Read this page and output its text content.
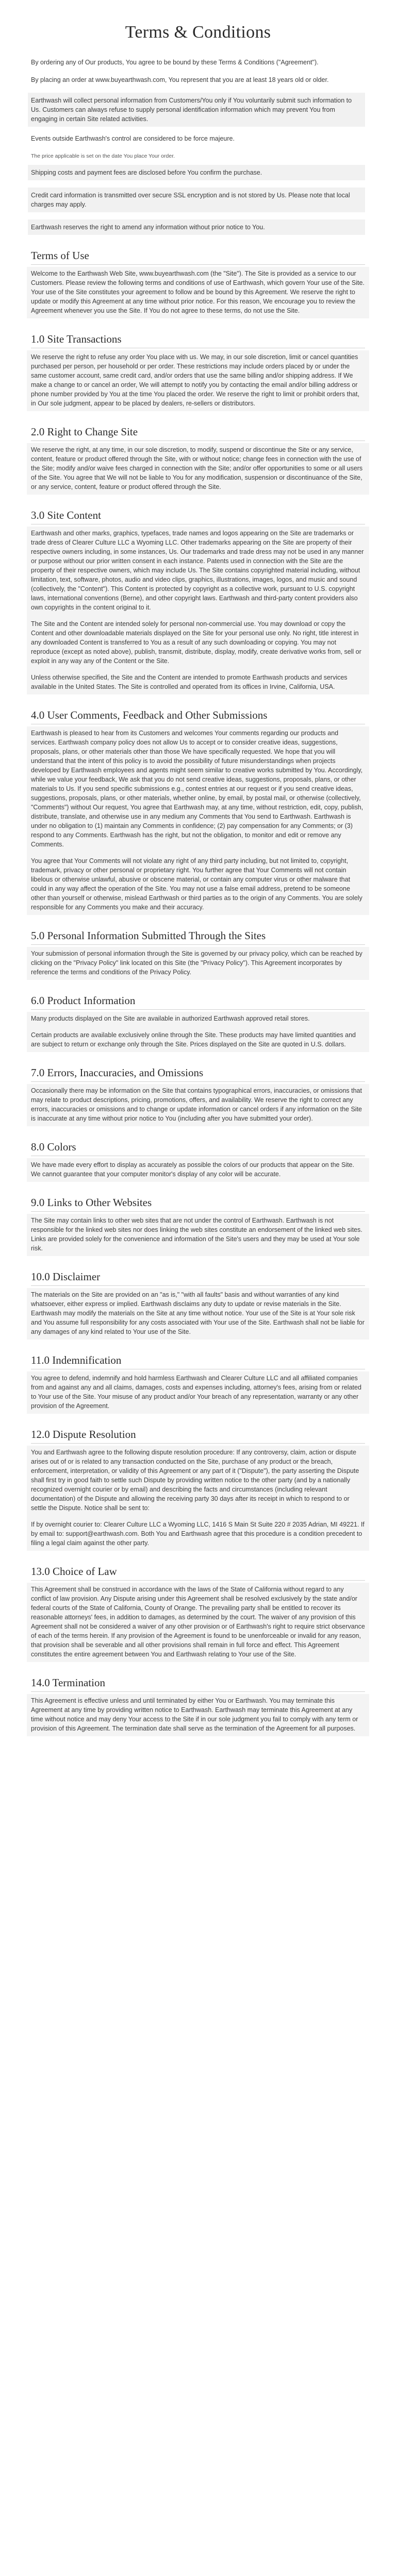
Terms & Conditions

By ordering any of Our products, You agree to be bound by these Terms & Conditions ("Agreement").

By placing an order at www.buyearthwash.com, You represent that you are at least 18 years old or older.

Earthwash will collect personal information from Customers/You only if You voluntarily submit such information to Us. Customers can always refuse to supply personal identification information which may prevent You from engaging in certain Site related activities.

Events outside Earthwash's control are considered to be force majeure.

The price applicable is set on the date You place Your order.

Shipping costs and payment fees are disclosed before You confirm the purchase.

Credit card information is transmitted over secure SSL encryption and is not stored by Us. Please note that local charges may apply.

Earthwash reserves the right to amend any information without prior notice to You.

Terms of Use

Welcome to the Earthwash Web Site, www.buyearthwash.com (the "Site"). The Site is provided as a service to our Customers. Please review the following terms and conditions of use of Earthwash, which govern Your use of the Site. Your use of the Site constitutes your agreement to follow and be bound by this Agreement. We reserve the right to update or modify this Agreement at any time without prior notice. For this reason, We encourage you to review the Agreement whenever you use the Site. If You do not agree to these terms, do not use the Site.

1.0 Site Transactions

We reserve the right to refuse any order You place with us. We may, in our sole discretion, limit or cancel quantities purchased per person, per household or per order. These restrictions may include orders placed by or under the same customer account, same credit card, and/or orders that use the same billing and/or shipping address. If We make a change to or cancel an order, We will attempt to notify you by contacting the email and/or billing address or phone number provided by You at the time You placed the order. We reserve the right to limit or prohibit orders that, in Our sole judgment, appear to be placed by dealers, re-sellers or distributors.

2.0 Right to Change Site

We reserve the right, at any time, in our sole discretion, to modify, suspend or discontinue the Site or any service, content, feature or product offered through the Site, with or without notice; change fees in connection with the use of the Site; modify and/or waive fees charged in connection with the Site; and/or offer opportunities to some or all users of the Site. You agree that We will not be liable to You for any modification, suspension or discontinuance of the Site, or any service, content, feature or product offered through the Site.

3.0 Site Content

Earthwash and other marks, graphics, typefaces, trade names and logos appearing on the Site are trademarks or trade dress of Clearer Culture LLC a Wyoming LLC. Other trademarks appearing on the Site are property of their respective owners including, in some instances, Us. Our trademarks and trade dress may not be used in any manner or purpose without our prior written consent in each instance. Patents used in connection with the Site are the property of their respective owners, which may include Us. The Site contains copyrighted material including, without limitation, text, software, photos, audio and video clips, graphics, illustrations, images, logos, and music and sound (collectively, the "Content"). This Content is protected by copyright as a collective work, pursuant to U.S. copyright laws, international conventions (Berne), and other copyright laws. Earthwash and third-party content providers also own copyrights in the content original to it.

The Site and the Content are intended solely for personal non-commercial use. You may download or copy the Content and other downloadable materials displayed on the Site for your personal use only. No right, title interest in any downloaded Content is transferred to You as a result of any such downloading or copying. You may not reproduce (except as noted above), publish, transmit, distribute, display, modify, create derivative works from, sell or exploit in any way any of the Content or the Site.

Unless otherwise specified, the Site and the Content are intended to promote Earthwash products and services available in the United States. The Site is controlled and operated from its offices in Irvine, California, USA.

4.0 User Comments, Feedback and Other Submissions

Earthwash is pleased to hear from its Customers and welcomes Your comments regarding our products and services. Earthwash company policy does not allow Us to accept or to consider creative ideas, suggestions, proposals, plans, or other materials other than those We have specifically requested. We hope that you will understand that the intent of this policy is to avoid the possibility of future misunderstandings when projects developed by Earthwash employees and agents might seem similar to creative works submitted by You. Accordingly, while we value your feedback, We ask that you do not send creative ideas, suggestions, proposals, plans, or other materials to Us. If you send specific submissions e.g., contest entries at our request or if you send creative ideas, suggestions, proposals, plans, or other materials, whether online, by email, by postal mail, or otherwise (collectively, "Comments") without Our request, You agree that Earthwash may, at any time, without restriction, edit, copy, publish, distribute, translate, and otherwise use in any medium any Comments that You send to Earthwash. Earthwash is under no obligation to (1) maintain any Comments in confidence; (2) pay compensation for any Comments; or (3) respond to any Comments. Earthwash has the right, but not the obligation, to monitor and edit or remove any Comments.

You agree that Your Comments will not violate any right of any third party including, but not limited to, copyright, trademark, privacy or other personal or proprietary right. You further agree that Your Comments will not contain libelous or otherwise unlawful, abusive or obscene material, or contain any computer virus or other malware that could in any way affect the operation of the Site. You may not use a false email address, pretend to be someone other than yourself or otherwise, mislead Earthwash or third parties as to the origin of any Comments. You are solely responsible for any Comments you make and their accuracy.

5.0 Personal Information Submitted Through the Sites

Your submission of personal information through the Site is governed by our privacy policy, which can be reached by clicking on the "Privacy Policy" link located on this Site (the "Privacy Policy"). This Agreement incorporates by reference the terms and conditions of the Privacy Policy.

6.0 Product Information

Many products displayed on the Site are available in authorized Earthwash approved retail stores.

Certain products are available exclusively online through the Site. These products may have limited quantities and are subject to return or exchange only through the Site. Prices displayed on the Site are quoted in U.S. dollars.

7.0 Errors, Inaccuracies, and Omissions

Occasionally there may be information on the Site that contains typographical errors, inaccuracies, or omissions that may relate to product descriptions, pricing, promotions, offers, and availability. We reserve the right to correct any errors, inaccuracies or omissions and to change or update information or cancel orders if any information on the Site is inaccurate at any time without prior notice to You (including after you have submitted your order).

8.0 Colors

We have made every effort to display as accurately as possible the colors of our products that appear on the Site. We cannot guarantee that your computer monitor's display of any color will be accurate.

9.0 Links to Other Websites

The Site may contain links to other web sites that are not under the control of Earthwash. Earthwash is not responsible for the linked web sites nor does linking the web sites constitute an endorsement of the linked web sites. Links are provided solely for the convenience and information of the Site's users and they may be used at Your sole risk.

10.0 Disclaimer

The materials on the Site are provided on an "as is," "with all faults" basis and without warranties of any kind whatsoever, either express or implied. Earthwash disclaims any duty to update or revise materials in the Site. Earthwash may modify the materials on the Site at any time without notice. Your use of the Site is at Your sole risk and You assume full responsibility for any costs associated with Your use of the Site. Earthwash shall not be liable for any damages of any kind related to Your use of the Site.

11.0 Indemnification

You agree to defend, indemnify and hold harmless Earthwash and Clearer Culture LLC and all affiliated companies from and against any and all claims, damages, costs and expenses including, attorney's fees, arising from or related to Your use of the Site. Your misuse of any product and/or Your breach of any representation, warranty or any other provision of the Agreement.

12.0 Dispute Resolution

You and Earthwash agree to the following dispute resolution procedure: If any controversy, claim, action or dispute arises out of or is related to any transaction conducted on the Site, purchase of any product or the breach, enforcement, interpretation, or validity of this Agreement or any part of it ("Dispute"), the party asserting the Dispute shall first try in good faith to settle such Dispute by providing written notice to the other party (and by a nationally recognized overnight courier or by email) and describing the facts and circumstances (including relevant documentation) of the Dispute and allowing the receiving party 30 days after its receipt in which to respond to or settle the Dispute. Notice shall be sent to:

If by overnight courier to: Clearer Culture LLC a Wyoming LLC, 1416 S Main St Suite 220 # 2035 Adrian, MI 49221. If by email to: support@earthwash.com. Both You and Earthwash agree that this procedure is a condition precedent to filing a legal claim against the other party.

13.0 Choice of Law

This Agreement shall be construed in accordance with the laws of the State of California without regard to any conflict of law provision. Any Dispute arising under this Agreement shall be resolved exclusively by the state and/or federal courts of the State of California, County of Orange. The prevailing party shall be entitled to recover its reasonable attorneys' fees, in addition to damages, as determined by the court. The waiver of any provision of this Agreement shall not be considered a waiver of any other provision or of Earthwash's right to require strict observance of each of the terms herein. If any provision of the Agreement is found to be unenforceable or invalid for any reason, that provision shall be severable and all other provisions shall remain in full force and effect. This Agreement constitutes the entire agreement between You and Earthwash relating to Your use of the Site.

14.0 Termination

This Agreement is effective unless and until terminated by either You or Earthwash. You may terminate this Agreement at any time by providing written notice to Earthwash. Earthwash may terminate this Agreement at any time without notice and may deny Your access to the Site if in our sole judgment you fail to comply with any term or provision of this Agreement. The termination date shall serve as the termination of the Agreement for all purposes.
